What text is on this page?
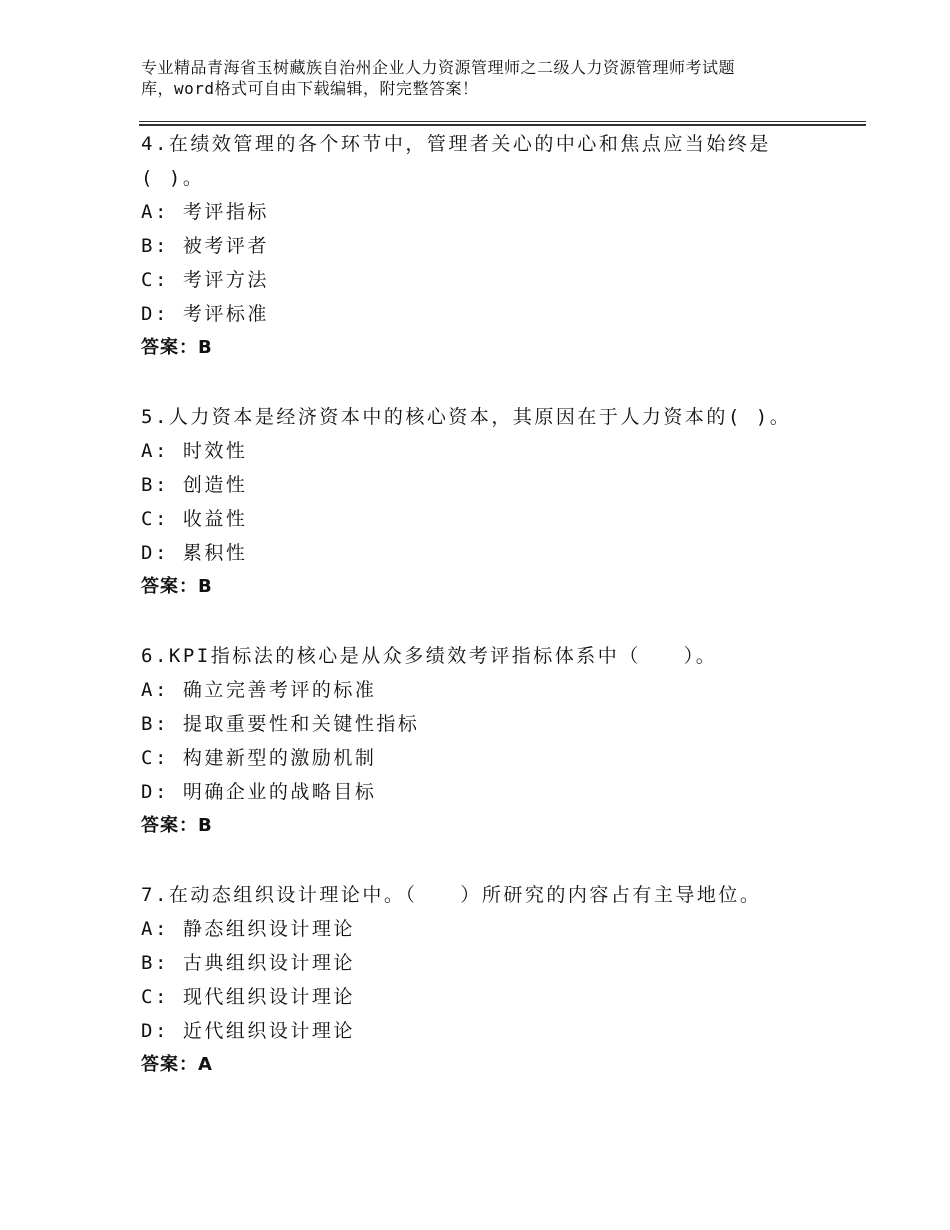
专业精品青海省玉树藏族自治州企业人力资源管理师之二级人力资源管理师考试题
库，word格式可自由下载编辑，附完整答案！
4.在绩效管理的各个环节中，管理者关心的中心和焦点应当始终是
( )。
A: 考评指标
B: 被考评者
C: 考评方法
D: 考评标准
答案：B
5.人力资本是经济资本中的核心资本，其原因在于人力资本的( )。
A: 时效性
B: 创造性
C: 收益性
D: 累积性
答案：B
6.KPI指标法的核心是从众多绩效考评指标体系中（　　）。
A: 确立完善考评的标准
B: 提取重要性和关键性指标
C: 构建新型的激励机制
D: 明确企业的战略目标
答案：B
7.在动态组织设计理论中。（　　）所研究的内容占有主导地位。
A: 静态组织设计理论
B: 古典组织设计理论
C: 现代组织设计理论
D: 近代组织设计理论
答案：A
